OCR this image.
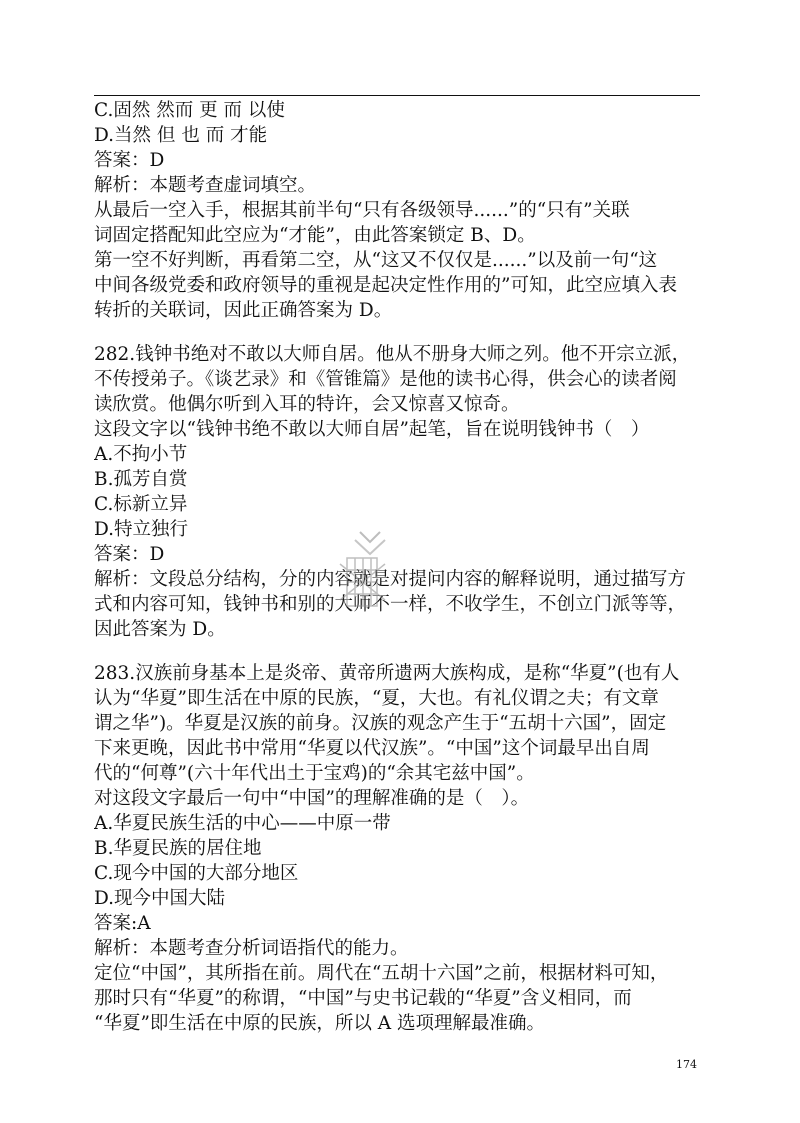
C.固然 然而 更 而 以使
D.当然 但 也 而 才能
答案：D
解析：本题考查虚词填空。
从最后一空入手，根据其前半句“只有各级领导......”的“只有”关联
词固定搭配知此空应为“才能”，由此答案锁定 B、D。
第一空不好判断，再看第二空，从“这又不仅仅是......”以及前一句“这
中间各级党委和政府领导的重视是起决定性作用的”可知，此空应填入表
转折的关联词，因此正确答案为 D。
282.钱钟书绝对不敢以大师自居。他从不册身大师之列。他不开宗立派，
不传授弟子。《谈艺录》和《管锥篇》是他的读书心得，供会心的读者阅
读欣赏。他偶尔听到入耳的特许，会又惊喜又惊奇。
这段文字以“钱钟书绝不敢以大师自居”起笔，旨在说明钱钟书（　）
A.不拘小节
B.孤芳自赏
C.标新立异
D.特立独行
答案：D
解析：文段总分结构，分的内容就是对提问内容的解释说明，通过描写方
式和内容可知，钱钟书和别的大师不一样，不收学生，不创立门派等等，
因此答案为 D。
283.汉族前身基本上是炎帝、黄帝所遗两大族构成，是称“华夏”(也有人
认为“华夏”即生活在中原的民族，“夏，大也。有礼仪谓之夫；有文章
谓之华”)。华夏是汉族的前身。汉族的观念产生于“五胡十六国”，固定
下来更晚，因此书中常用“华夏以代汉族”。“中国”这个词最早出自周
代的“何尊”(六十年代出土于宝鸡)的“余其宅兹中国”。
对这段文字最后一句中“中国”的理解准确的是（　）。
A.华夏民族生活的中心——中原一带
B.华夏民族的居住地
C.现今中国的大部分地区
D.现今中国大陆
答案:A
解析：本题考查分析词语指代的能力。
定位“中国”，其所指在前。周代在“五胡十六国”之前，根据材料可知，
那时只有“华夏”的称谓，“中国”与史书记载的“华夏”含义相同，而
“华夏”即生活在中原的民族，所以 A 选项理解最准确。
174
